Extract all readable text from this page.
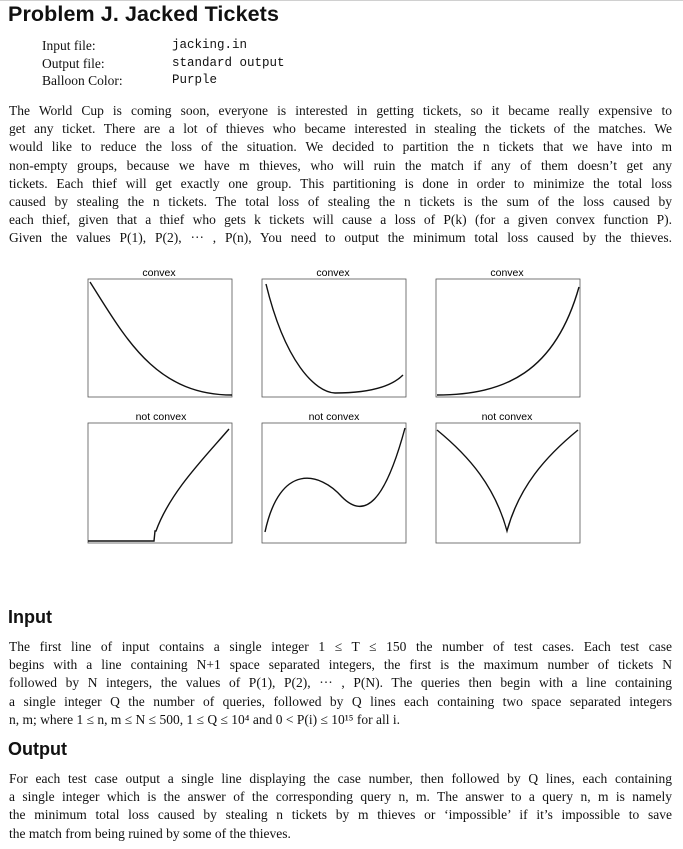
Problem J. Jacked Tickets
Input file:	jacking.in
Output file:	standard output
Balloon Color:	Purple
The World Cup is coming soon, everyone is interested in getting tickets, so it became really expensive to
get any ticket. There are a lot of thieves who became interested in stealing the tickets of the matches. We
would like to reduce the loss of the situation. We decided to partition the n tickets that we have into m
non-empty groups, because we have m thieves, who will ruin the match if any of them doesn’t get any
tickets. Each thief will get exactly one group. This partitioning is done in order to minimize the total loss
caused by stealing the n tickets. The total loss of stealing the n tickets is the sum of the loss caused by
each thief, given that a thief who gets k tickets will cause a loss of P(k) (for a given convex function P).
Given the values P(1), P(2), ··· , P(n), You need to output the minimum total loss caused by the thieves.
convex	convex	convex
not convex	not convex	not convex
Input
The first line of input contains a single integer 1 ≤ T ≤ 150 the number of test cases. Each test case
begins with a line containing N+1 space separated integers, the first is the maximum number of tickets N
followed by N integers, the values of P(1), P(2), ··· , P(N). The queries then begin with a line containing
a single integer Q the number of queries, followed by Q lines each containing two space separated integers
n, m; where 1 ≤ n, m ≤ N ≤ 500, 1 ≤ Q ≤ 10⁴ and 0 < P(i) ≤ 10¹⁵ for all i.
Output
For each test case output a single line displaying the case number, then followed by Q lines, each containing
a single integer which is the answer of the corresponding query n, m. The answer to a query n, m is namely
the minimum total loss caused by stealing n tickets by m thieves or ‘impossible’ if it’s impossible to save
the match from being ruined by some of the thieves.
